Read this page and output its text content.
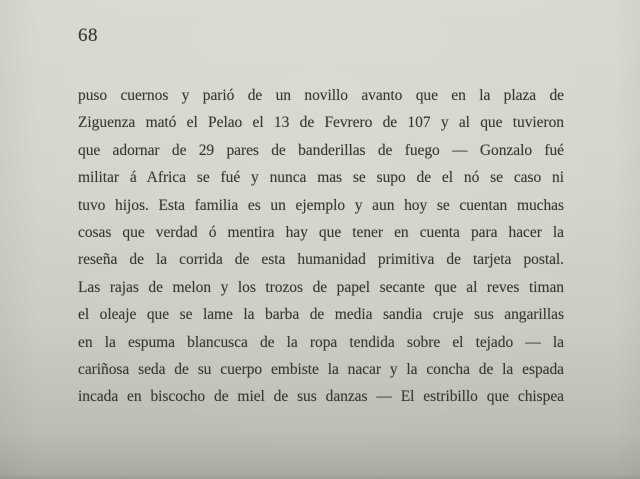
68
puso cuernos y parió de un novillo avanto que en la plaza de
Ziguenza mató el Pelao el 13 de Fevrero de 107 y al que tuvieron
que adornar de 29 pares de banderillas de fuego — Gonzalo fué
militar á Africa se fué y nunca mas se supo de el nó se caso ni
tuvo hijos. Esta familia es un ejemplo y aun hoy se cuentan muchas
cosas que verdad ó mentira hay que tener en cuenta para hacer la
reseña de la corrida de esta humanidad primitiva de tarjeta postal.
Las rajas de melon y los trozos de papel secante que al reves timan
el oleaje que se lame la barba de media sandia cruje sus angarillas
en la espuma blancusca de la ropa tendida sobre el tejado — la
cariñosa seda de su cuerpo embiste la nacar y la concha de la espada
incada en biscocho de miel de sus danzas — El estribillo que chispea
